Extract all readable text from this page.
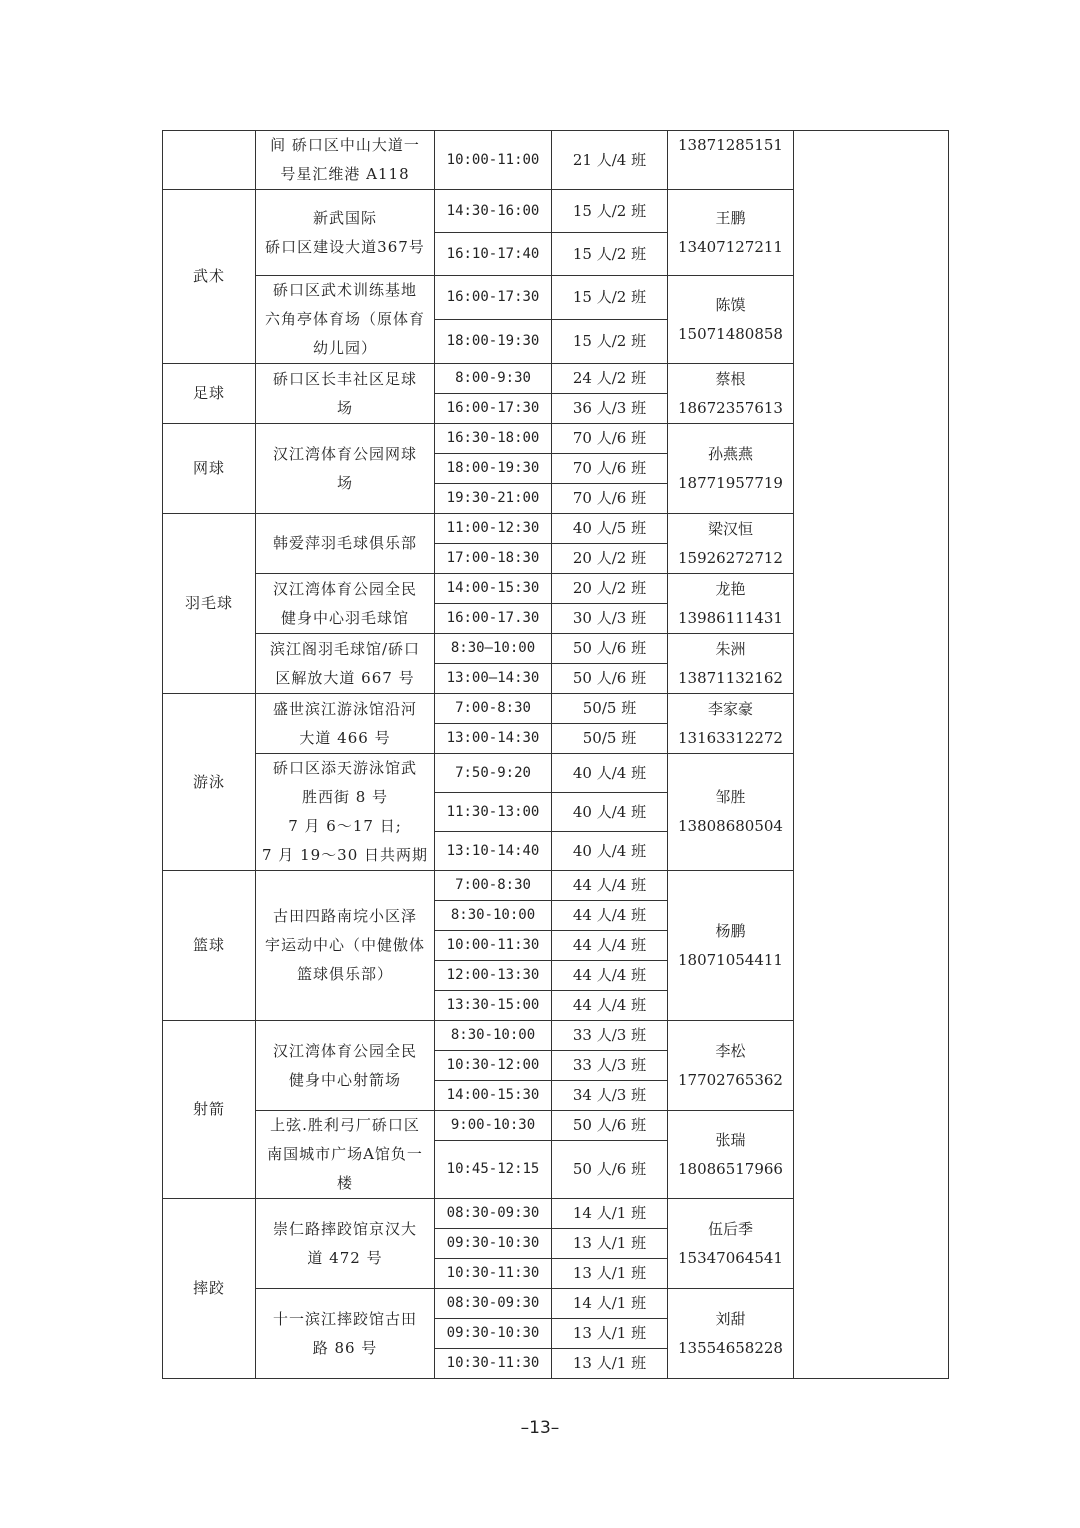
	间 硚口区中山大道一
号星汇维港 A118	10:00-11:00	21 人/4 班	13871285151	

武术	新武国际
硚口区建设大道367号	14:30-16:00	15 人/2 班	王鹏
13407127211	

		16:10-17:40	15 人/2 班		

	硚口区武术训练基地
六角亭体育场（原体育
幼儿园）	16:00-17:30	15 人/2 班	陈馍
15071480858	

		18:00-19:30	15 人/2 班		
足球	硚口区长丰社区足球
场	8:00-9:30	24 人/2 班	蔡根
18672357613	

		16:00-17:30	36 人/3 班		
网球	汉江湾体育公园网球
场	16:30-18:00	70 人/6 班	孙燕燕
18771957719	

		18:00-19:30	70 人/6 班		
		19:30-21:00	70 人/6 班		
羽毛球	韩爱萍羽毛球俱乐部	11:00-12:30	40 人/5 班	梁汉恒
15926272712	

		17:00-18:30	20 人/2 班		

	汉江湾体育公园全民
健身中心羽毛球馆	14:00-15:30	20 人/2 班	龙艳
13986111431	

		16:00-17.30	30 人/3 班		

	滨江阁羽毛球馆/硚口
区解放大道 667 号	8:30—10:00	50 人/6 班	朱洲
13871132162	

		13:00—14:30	50 人/6 班		
游泳	盛世滨江游泳馆沿河
大道 466 号	7:00-8:30	50/5 班	李家豪
13163312272	

		13:00-14:30	50/5 班		

	硚口区添天游泳馆武
胜西街 8 号
7 月 6～17 日;
7 月 19～30 日共两期	7:50-9:20	40 人/4 班	邹胜
13808680504	

		11:30-13:00	40 人/4 班		
		13:10-14:40	40 人/4 班		
篮球	古田四路南垸小区泽
宇运动中心（中健傲体
篮球俱乐部）	7:00-8:30	44 人/4 班	杨鹏
18071054411	

		8:30-10:00	44 人/4 班		
		10:00-11:30	44 人/4 班		
		12:00-13:30	44 人/4 班		
		13:30-15:00	44 人/4 班		
射箭	汉江湾体育公园全民
健身中心射箭场	8:30-10:00	33 人/3 班	李松
17702765362	

		10:30-12:00	33 人/3 班		
		14:00-15:30	34 人/3 班		

	上弦.胜利弓厂硚口区
南国城市广场A馆负一
楼	9:00-10:30	50 人/6 班	张瑞
18086517966	

		10:45-12:15	50 人/6 班		
摔跤	崇仁路摔跤馆京汉大
道 472 号	08:30-09:30	14 人/1 班	伍后季
15347064541	

		09:30-10:30	13 人/1 班		
		10:30-11:30	13 人/1 班		

	十一滨江摔跤馆古田
路 86 号	08:30-09:30	14 人/1 班	刘甜
13554658228	

		09:30-10:30	13 人/1 班		
		10:30-11:30	13 人/1 班		
–13–
